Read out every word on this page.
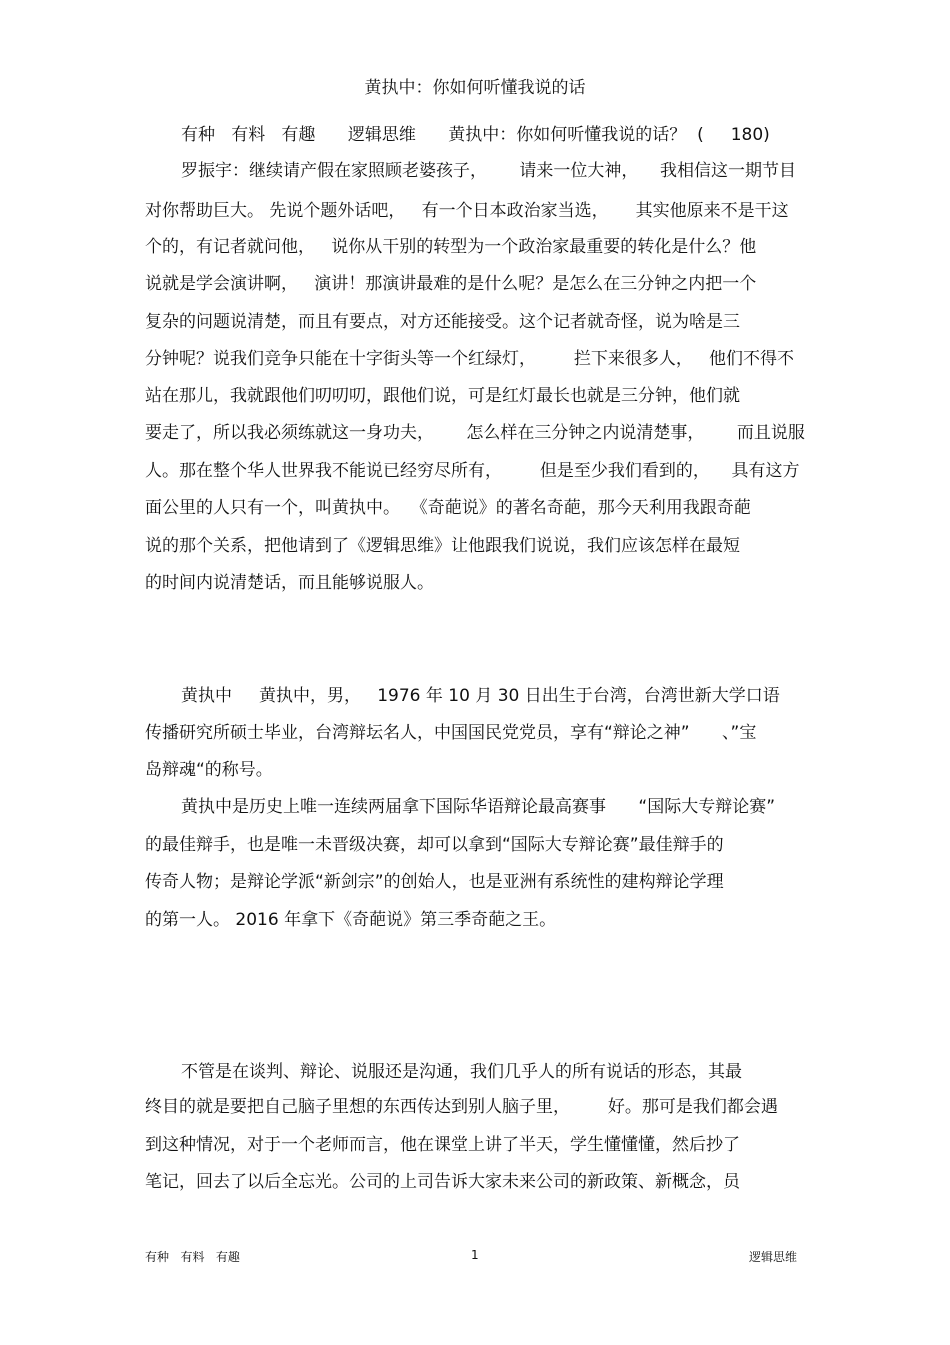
黄执中：你如何听懂我说的话
有种   有料   有趣      逻辑思维      黄执中：你如何听懂我说的话？  (     180)
罗振宇：继续请产假在家照顾老婆孩子，      请来一位大神，    我相信这一期节目
对你帮助巨大。 先说个题外话吧，   有一个日本政治家当选，     其实他原来不是干这
个的，有记者就问他，   说你从干别的转型为一个政治家最重要的转化是什么？他
说就是学会演讲啊，   演讲！那演讲最难的是什么呢？是怎么在三分钟之内把一个
复杂的问题说清楚，而且有要点，对方还能接受。这个记者就奇怪，说为啥是三
分钟呢？说我们竞争只能在十字街头等一个红绿灯，       拦下来很多人，   他们不得不
站在那儿，我就跟他们叨叨叨，跟他们说，可是红灯最长也就是三分钟，他们就
要走了，所以我必须练就这一身功夫，      怎么样在三分钟之内说清楚事，      而且说服
人。那在整个华人世界我不能说已经穷尽所有，       但是至少我们看到的，    具有这方
面公里的人只有一个，叫黄执中。  《奇葩说》的著名奇葩，那今天利用我跟奇葩
说的那个关系，把他请到了《逻辑思维》让他跟我们说说，我们应该怎样在最短
的时间内说清楚话，而且能够说服人。
黄执中     黄执中，男，   1976 年 10 月 30 日出生于台湾，台湾世新大学口语
传播研究所硕士毕业，台湾辩坛名人，中国国民党党员，享有“辩论之神”      、”宝
岛辩魂“的称号。
黄执中是历史上唯一连续两届拿下国际华语辩论最高赛事      “国际大专辩论赛”
的最佳辩手，也是唯一未晋级决赛，却可以拿到“国际大专辩论赛”最佳辩手的
传奇人物；是辩论学派“新剑宗”的创始人，也是亚洲有系统性的建构辩论学理
的第一人。 2016 年拿下《奇葩说》第三季奇葩之王。
不管是在谈判、辩论、说服还是沟通，我们几乎人的所有说话的形态，其最
终目的就是要把自己脑子里想的东西传达到别人脑子里，       好。那可是我们都会遇
到这种情况，对于一个老师而言，他在课堂上讲了半天，学生懂懂懂，然后抄了
笔记，回去了以后全忘光。公司的上司告诉大家未来公司的新政策、新概念，员
有种   有料   有趣	1	逻辑思维
